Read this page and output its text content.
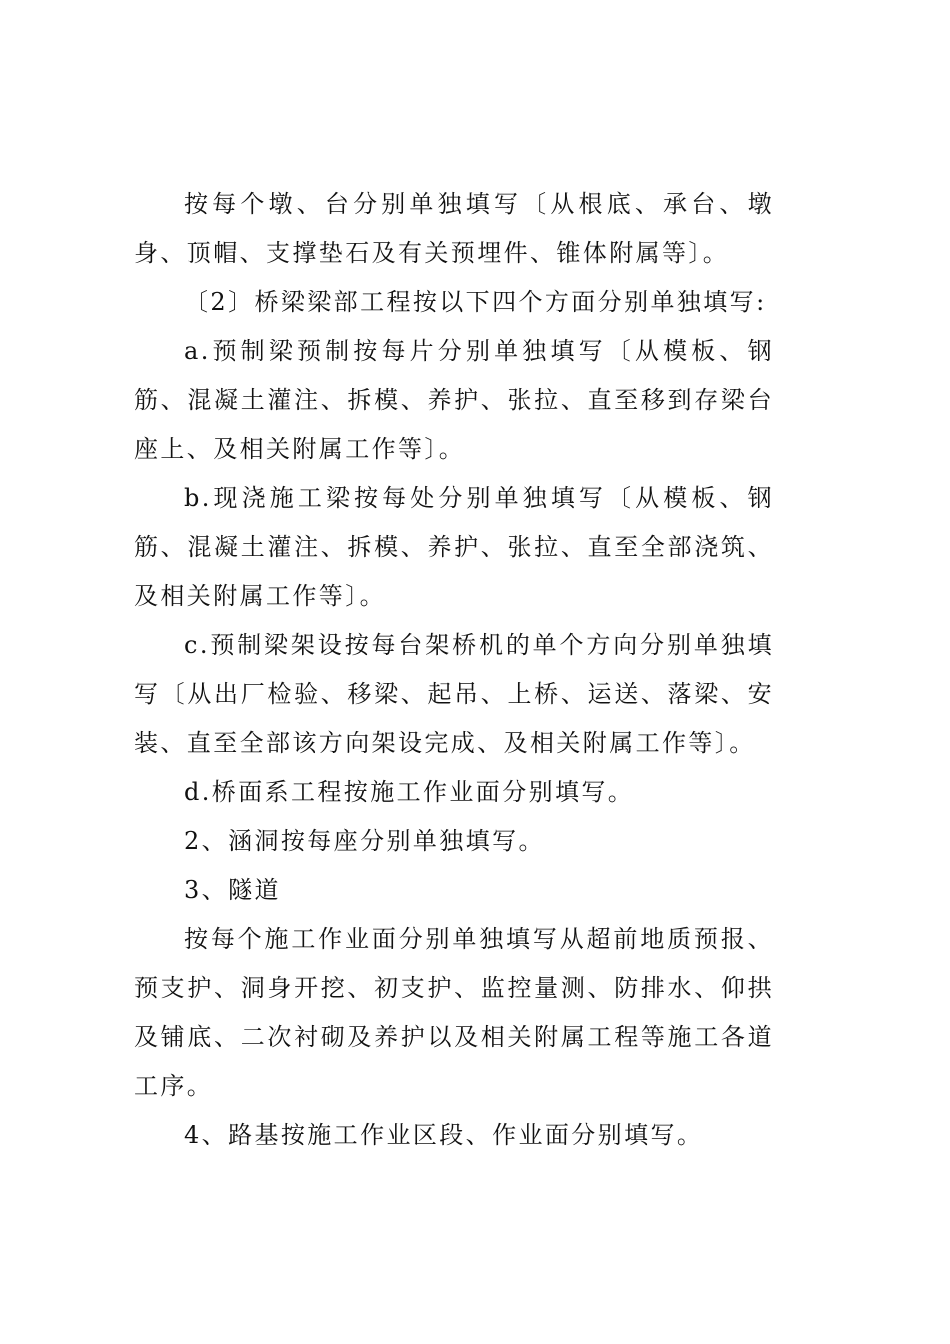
按每个墩、台分别单独填写〔从根底、承台、墩身、顶帽、支撑垫石及有关预埋件、锥体附属等〕。

〔2〕桥梁梁部工程按以下四个方面分别单独填写:

a.预制梁预制按每片分别单独填写〔从模板、钢筋、混凝土灌注、拆模、养护、张拉、直至移到存梁台座上、及相关附属工作等〕。

b.现浇施工梁按每处分别单独填写〔从模板、钢筋、混凝土灌注、拆模、养护、张拉、直至全部浇筑、及相关附属工作等〕。

c.预制梁架设按每台架桥机的单个方向分别单独填写〔从出厂检验、移梁、起吊、上桥、运送、落梁、安装、直至全部该方向架设完成、及相关附属工作等〕。

d.桥面系工程按施工作业面分别填写。

2、涵洞按每座分别单独填写。

3、隧道

按每个施工作业面分别单独填写从超前地质预报、预支护、洞身开挖、初支护、监控量测、防排水、仰拱及铺底、二次衬砌及养护以及相关附属工程等施工各道工序。

4、路基按施工作业区段、作业面分别填写。
